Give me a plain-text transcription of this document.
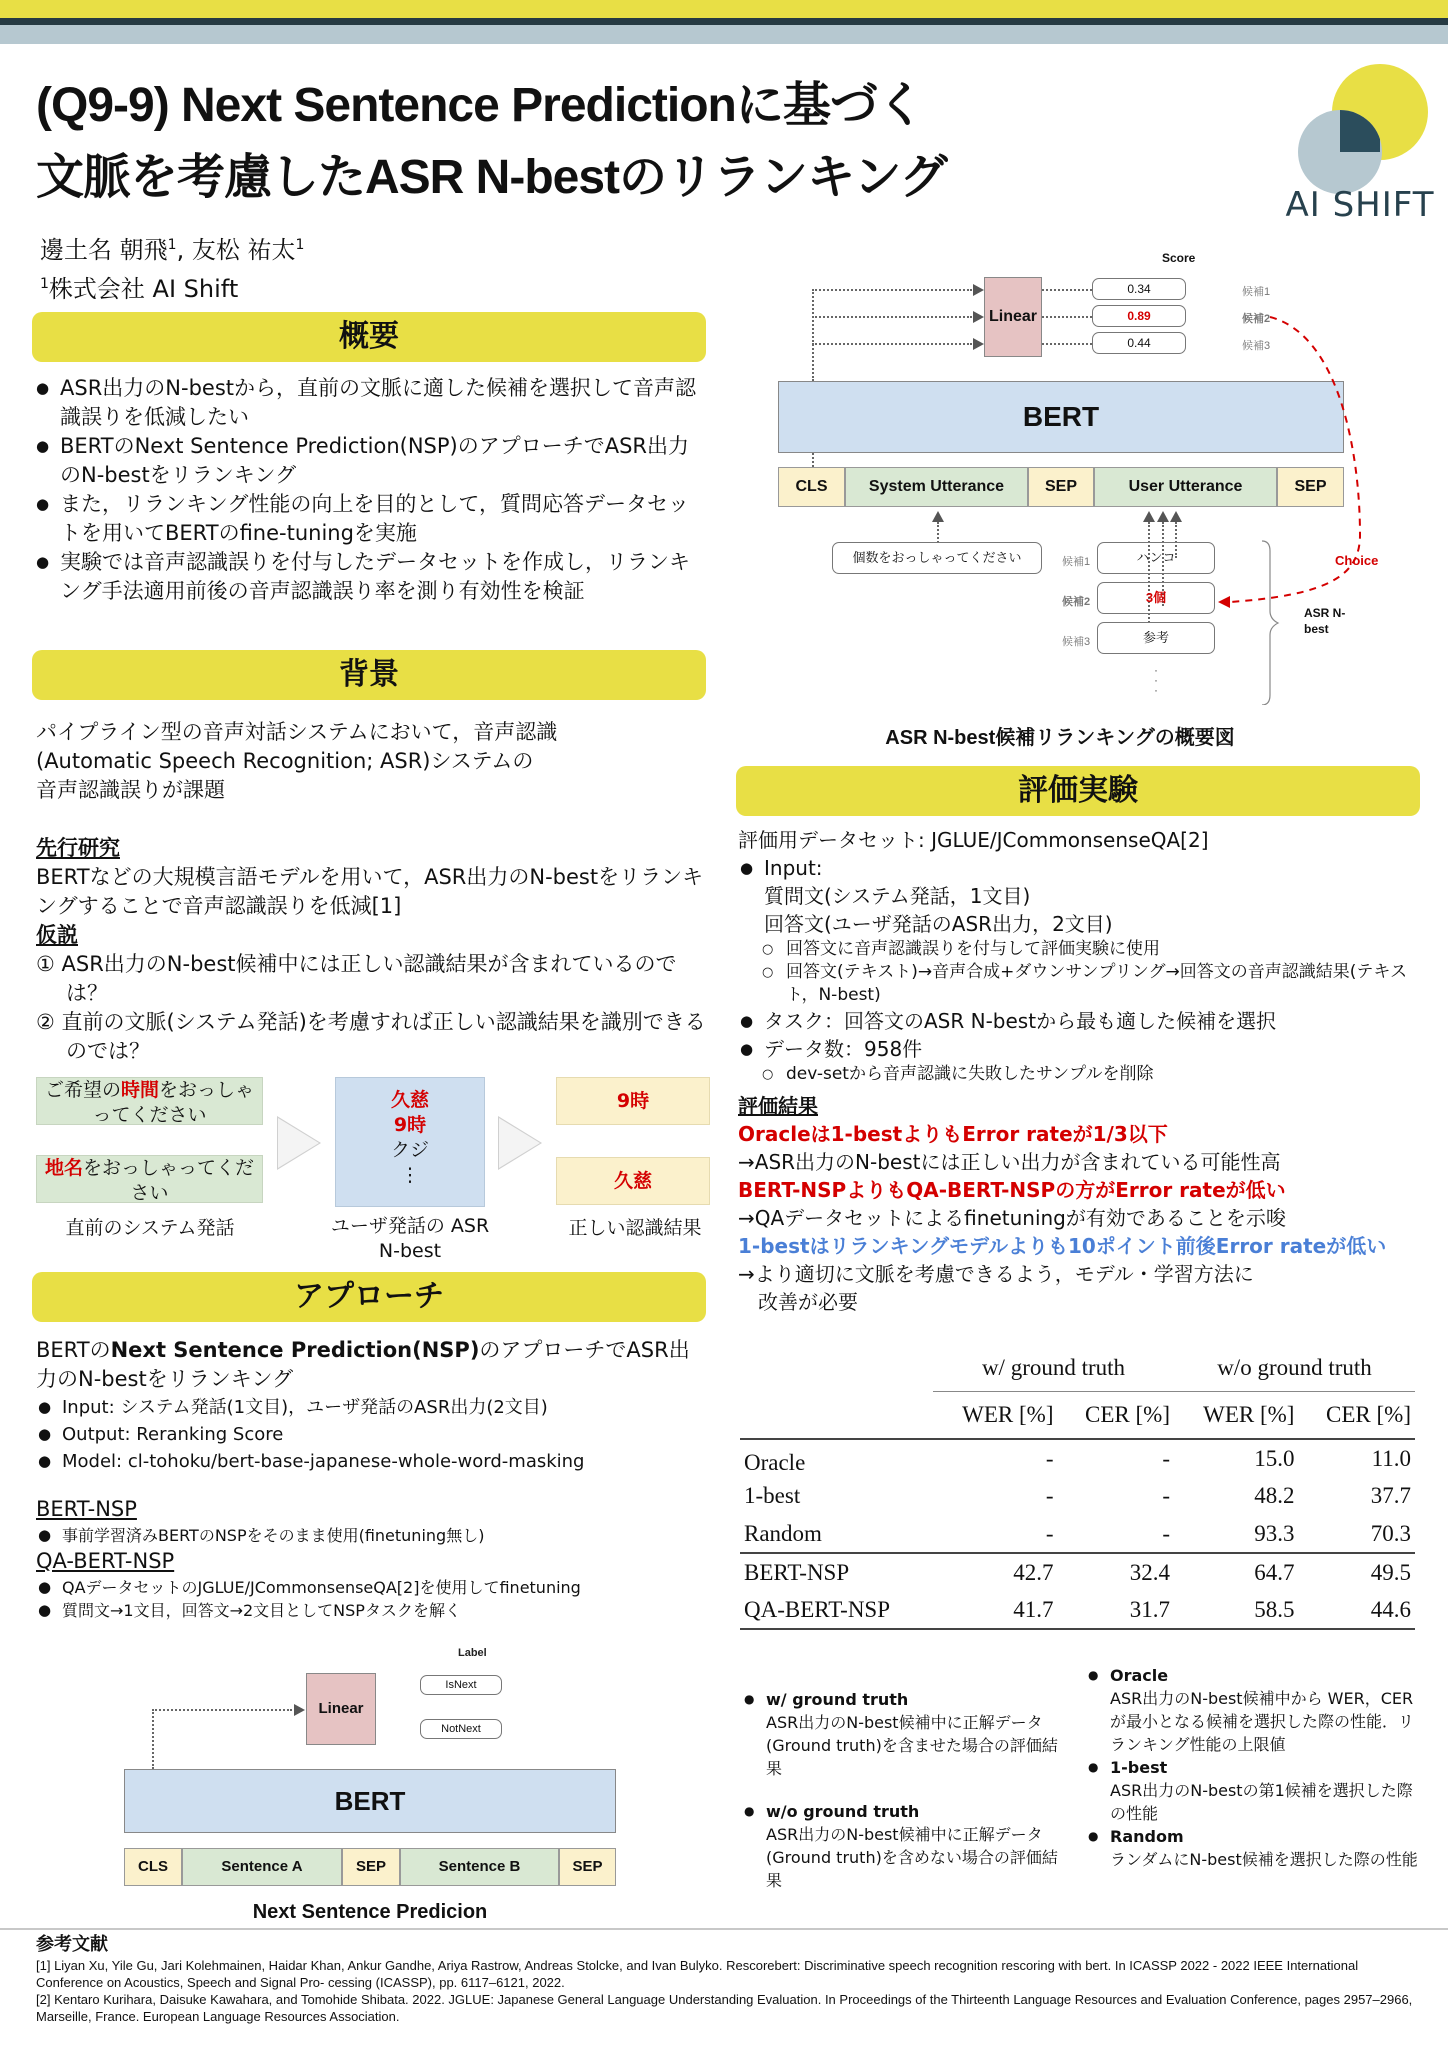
(Q9-9) Next Sentence Predictionに基づく
文脈を考慮したASR N-bestのリランキング
邊土名 朝飛$^1$, 友松 祐太$^1$
$^1$株式会社 AI Shift
AI SHIFT
概要
● ASR出力のN-bestから，直前の文脈に適した候補を選択して音声認識誤りを低減したい
● BERTのNext Sentence Prediction(NSP)のアプローチでASR出力のN-bestをリランキング
● また，リランキング性能の向上を目的として，質問応答データセットを用いてBERTのfine-tuningを実施
● 実験では音声認識誤りを付与したデータセットを作成し，リランキング手法適用前後の音声認識誤り率を測り有効性を検証
背景
パイプライン型の音声対話システムにおいて，音声認識
(Automatic Speech Recognition; ASR)システムの
音声認識誤りが課題
先行研究
BERTなどの大規模言語モデルを用いて，ASR出力のN-bestをリランキングすることで音声認識誤りを低減[1]
仮説
① ASR出力のN-best候補中には正しい認識結果が含まれているのでは？
② 直前の文脈(システム発話)を考慮すれば正しい認識結果を識別できるのでは？
ご希望の時間をおっしゃってください
地名をおっしゃってください
久慈
9時
クジ
⋮
9時
久慈
直前のシステム発話	ユーザ発話の ASR N-best
正しい認識結果
アプローチ
BERTのNext Sentence Prediction(NSP)のアプローチでASR出力のN-bestをリランキング
● Input: システム発話(1文目)，ユーザ発話のASR出力(2文目)
● Output: Reranking Score
● Model: cl-tohoku/bert-base-japanese-whole-word-masking
BERT-NSP
● 事前学習済みBERTのNSPをそのまま使用(finetuning無し)
QA-BERT-NSP
● QAデータセットのJGLUE/JCommonsenseQA[2]を使用してfinetuning
● 質問文→1文目，回答文→2文目としてNSPタスクを解く
Label
Linear
IsNext
NotNext
BERT
CLS	Sentence A	SEP	Sentence B	SEP
Next Sentence Predicion
Score
Linear
0.34
0.89
0.44
候補1
候補2
候補3
BERT
CLS	System Utterance	SEP	User Utterance	SEP
個数をおっしゃってください	候補1
候補2
候補3
ハンコ
3個
参考
·
·
·
Choice
ASR N-best
ASR N-best候補リランキングの概要図
評価実験
評価用データセット: JGLUE/JCommonsenseQA[2]
● Input:
質問文(システム発話，1文目)
回答文(ユーザ発話のASR出力，2文目)
○ 回答文に音声認識誤りを付与して評価実験に使用
○ 回答文(テキスト)→音声合成+ダウンサンプリング→回答文の音声認識結果(テキスト，N-best)
● タスク：回答文のASR N-bestから最も適した候補を選択
● データ数：958件
○ dev-setから音声認識に失敗したサンプルを削除
評価結果
Oracleは1-bestよりもError rateが1/3以下
→ASR出力のN-bestには正しい出力が含まれている可能性高
BERT-NSPよりもQA-BERT-NSPの方がError rateが低い
→QAデータセットによるfinetuningが有効であることを示唆
1-bestはリランキングモデルよりも10ポイント前後Error rateが低い
→より適切に文脈を考慮できるよう，モデル・学習方法に
　改善が必要
	w/ ground truth		w/o ground truth	
	WER [%]	CER [%]	WER [%]	CER [%]
Oracle	-	-	15.0	11.0
1-best	-	-	48.2	37.7
Random	-	-	93.3	70.3
BERT-NSP	42.7	32.4	64.7	49.5
QA-BERT-NSP	41.7	31.7	58.5	44.6
● w/ ground truth
ASR出力のN-best候補中に正解データ(Ground truth)を含ませた場合の評価結果
● w/o ground truth
ASR出力のN-best候補中に正解データ(Ground truth)を含めない場合の評価結果
● Oracle
ASR出力のN-best候補中から WER，CERが最小となる候補を選択した際の性能．リランキング性能の上限値
● 1-best
ASR出力のN-bestの第1候補を選択した際の性能
● Random
ランダムにN-best候補を選択した際の性能
参考文献
[1] Liyan Xu, Yile Gu, Jari Kolehmainen, Haidar Khan, Ankur Gandhe, Ariya Rastrow, Andreas Stolcke, and Ivan Bulyko. Rescorebert: Discriminative speech recognition rescoring with bert. In ICASSP 2022 - 2022 IEEE International Conference on Acoustics, Speech and Signal Pro- cessing (ICASSP), pp. 6117–6121, 2022.
[2] Kentaro Kurihara, Daisuke Kawahara, and Tomohide Shibata. 2022. JGLUE: Japanese General Language Understanding Evaluation. In Proceedings of the Thirteenth Language Resources and Evaluation Conference, pages 2957–2966, Marseille, France. European Language Resources Association.
